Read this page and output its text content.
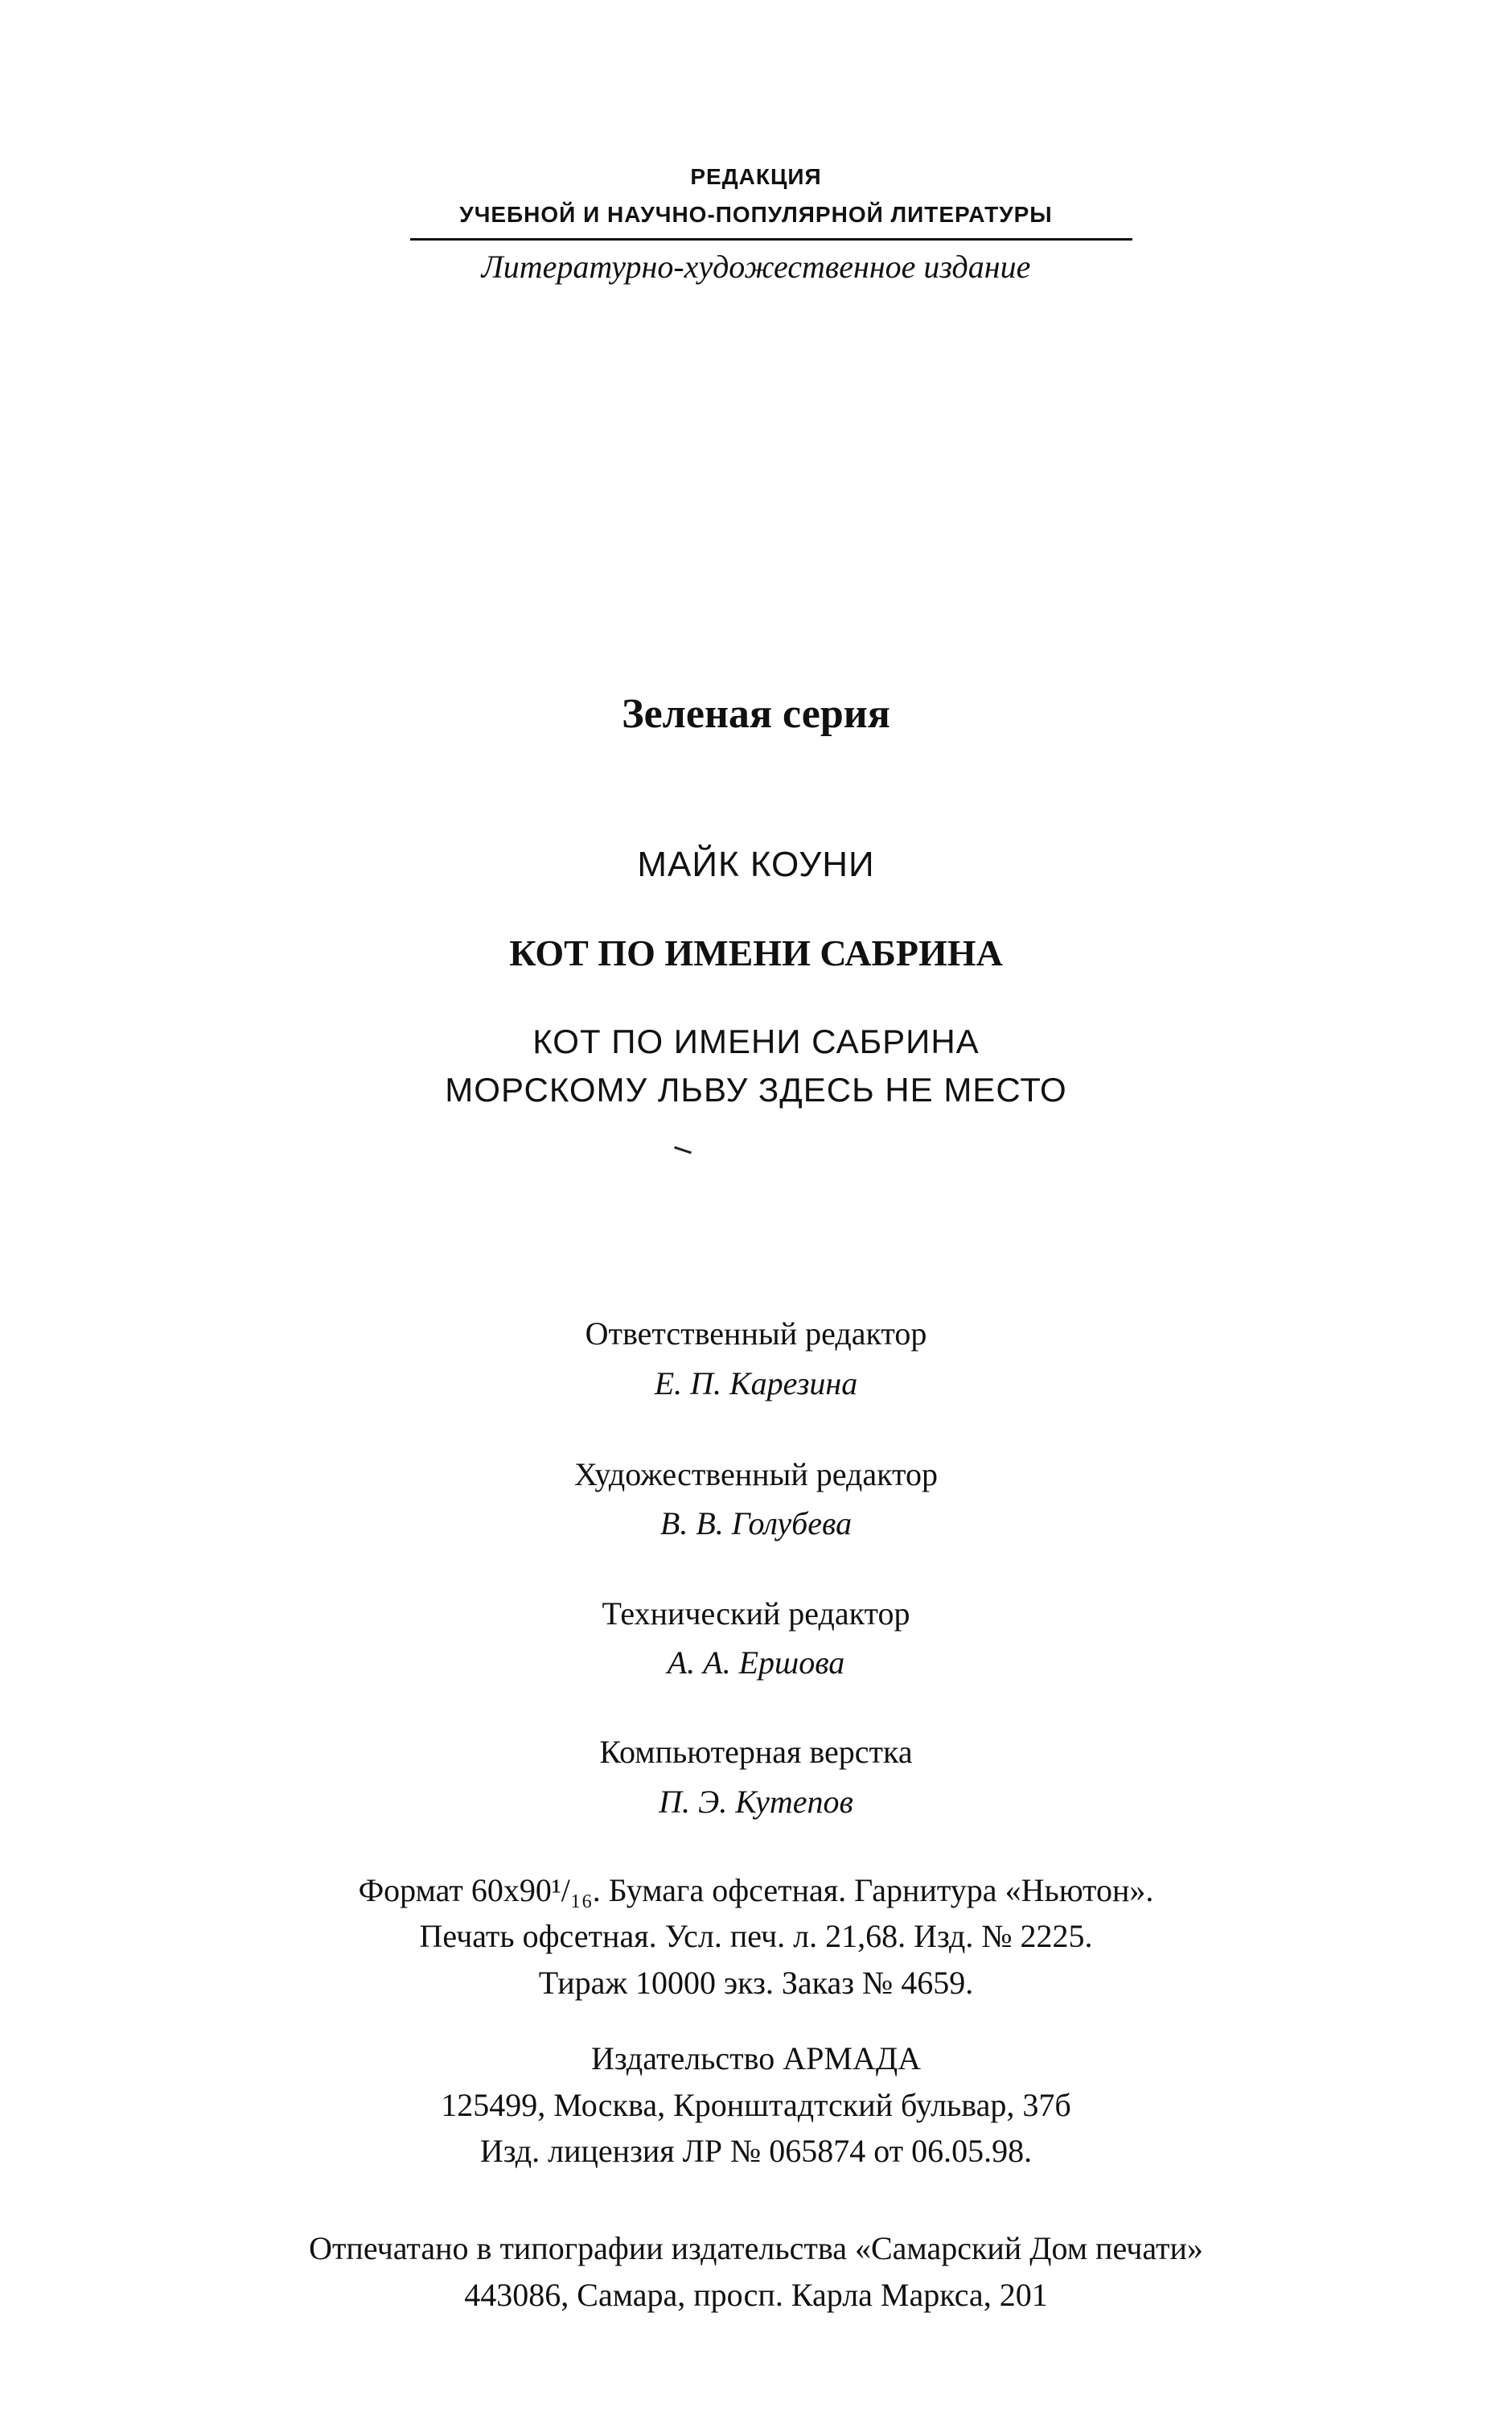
РЕДАКЦИЯ
УЧЕБНОЙ И НАУЧНО-ПОПУЛЯРНОЙ ЛИТЕРАТУРЫ
Литературно-художественное издание
Зеленая серия
МАЙК КОУНИ
КОТ ПО ИМЕНИ САБРИНА
КОТ ПО ИМЕНИ САБРИНА
МОРСКОМУ ЛЬВУ ЗДЕСЬ НЕ МЕСТО
Ответственный редактор
Е. П. Карезина
Художественный редактор
В. В. Голубева
Технический редактор
А. А. Ершова
Компьютерная верстка
П. Э. Кутепов
Формат 60х90¹/₁₆. Бумага офсетная. Гарнитура «Ньютон».
Печать офсетная. Усл. печ. л. 21,68. Изд. № 2225.
Тираж 10000 экз. Заказ № 4659.
Издательство АРМАДА
125499, Москва, Кронштадтский бульвар, 37б
Изд. лицензия ЛР № 065874 от 06.05.98.
Отпечатано в типографии издательства «Самарский Дом печати»
443086, Самара, просп. Карла Маркса, 201
